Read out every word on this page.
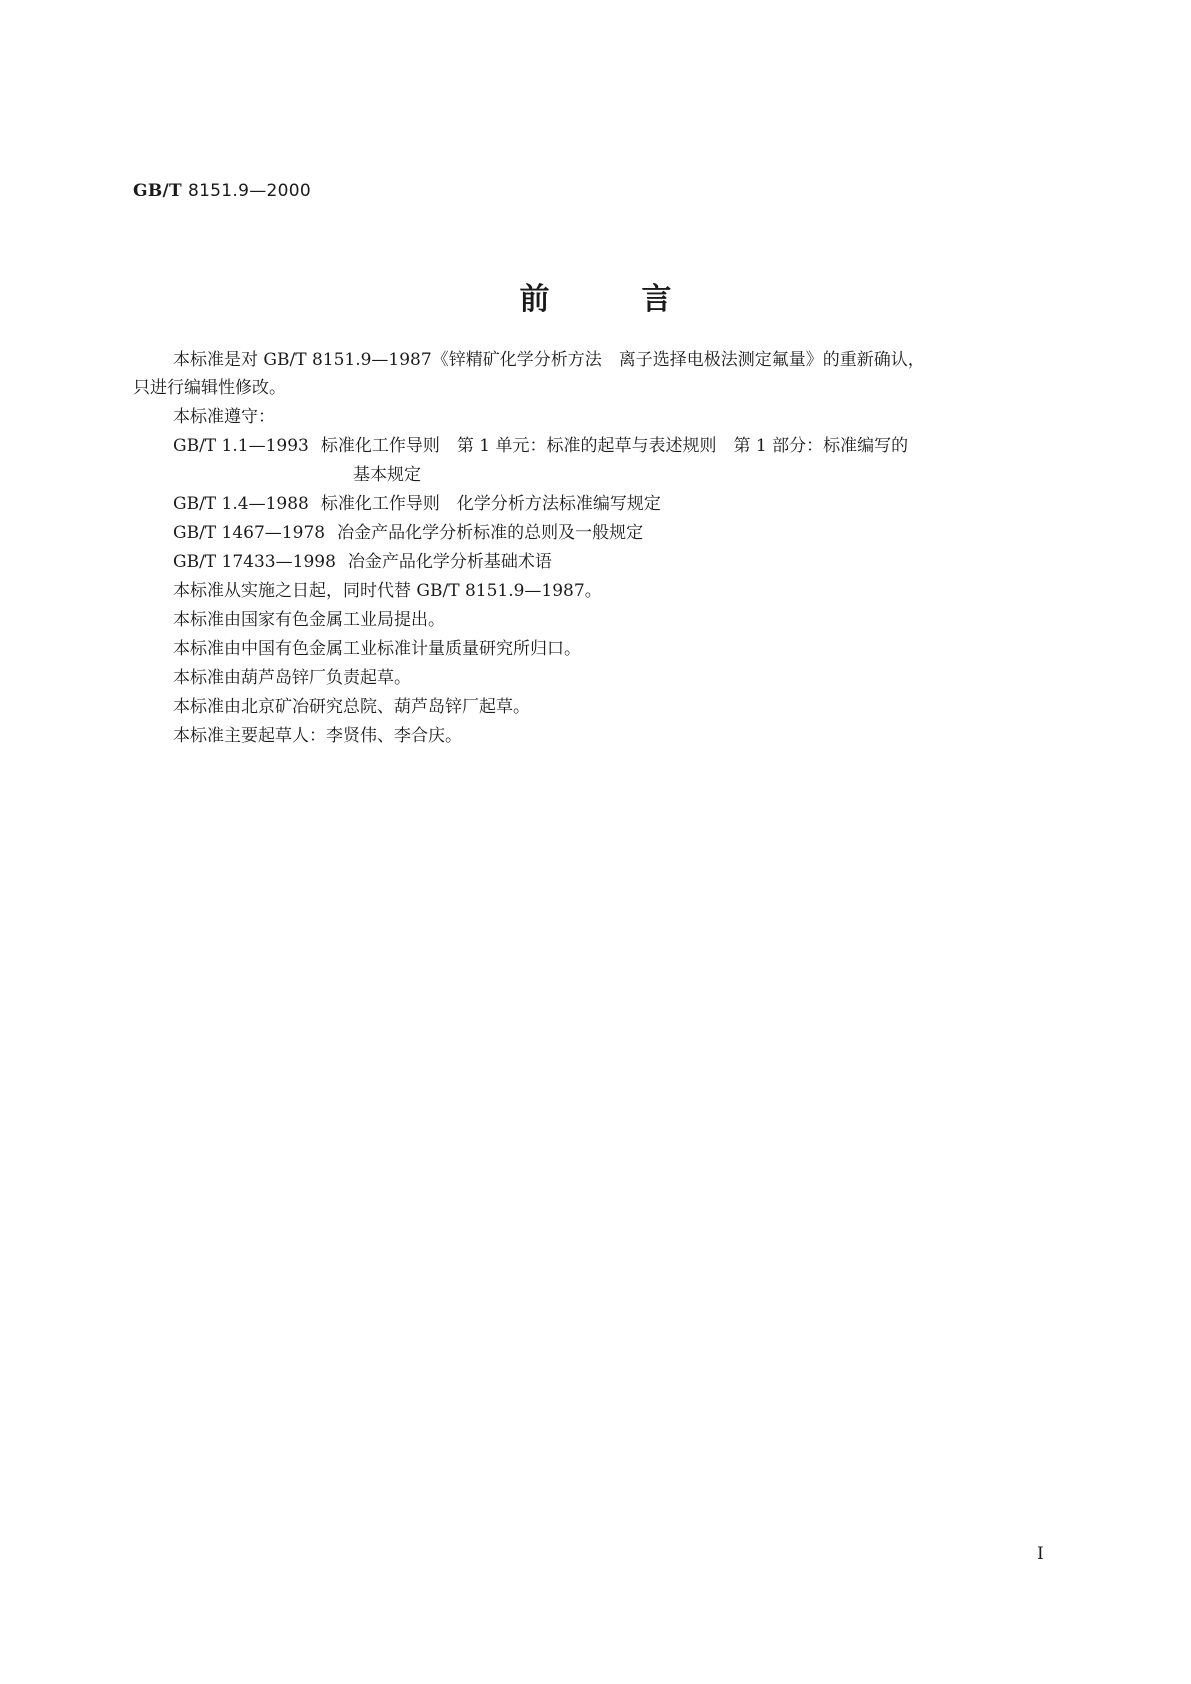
GB/T 8151.9—2000
前	言
本标准是对 GB/T 8151.9—1987《锌精矿化学分析方法　离子选择电极法测定氟量》的重新确认，
只进行编辑性修改。
本标准遵守：
GB/T 1.1—1993 标准化工作导则　第 1 单元：标准的起草与表述规则　第 1 部分：标准编写的
基本规定
GB/T 1.4—1988 标准化工作导则　化学分析方法标准编写规定
GB/T 1467—1978 冶金产品化学分析标准的总则及一般规定
GB/T 17433—1998 冶金产品化学分析基础术语
本标准从实施之日起，同时代替 GB/T 8151.9—1987。
本标准由国家有色金属工业局提出。
本标准由中国有色金属工业标准计量质量研究所归口。
本标准由葫芦岛锌厂负责起草。
本标准由北京矿冶研究总院、葫芦岛锌厂起草。
本标准主要起草人：李贤伟、李合庆。
I
